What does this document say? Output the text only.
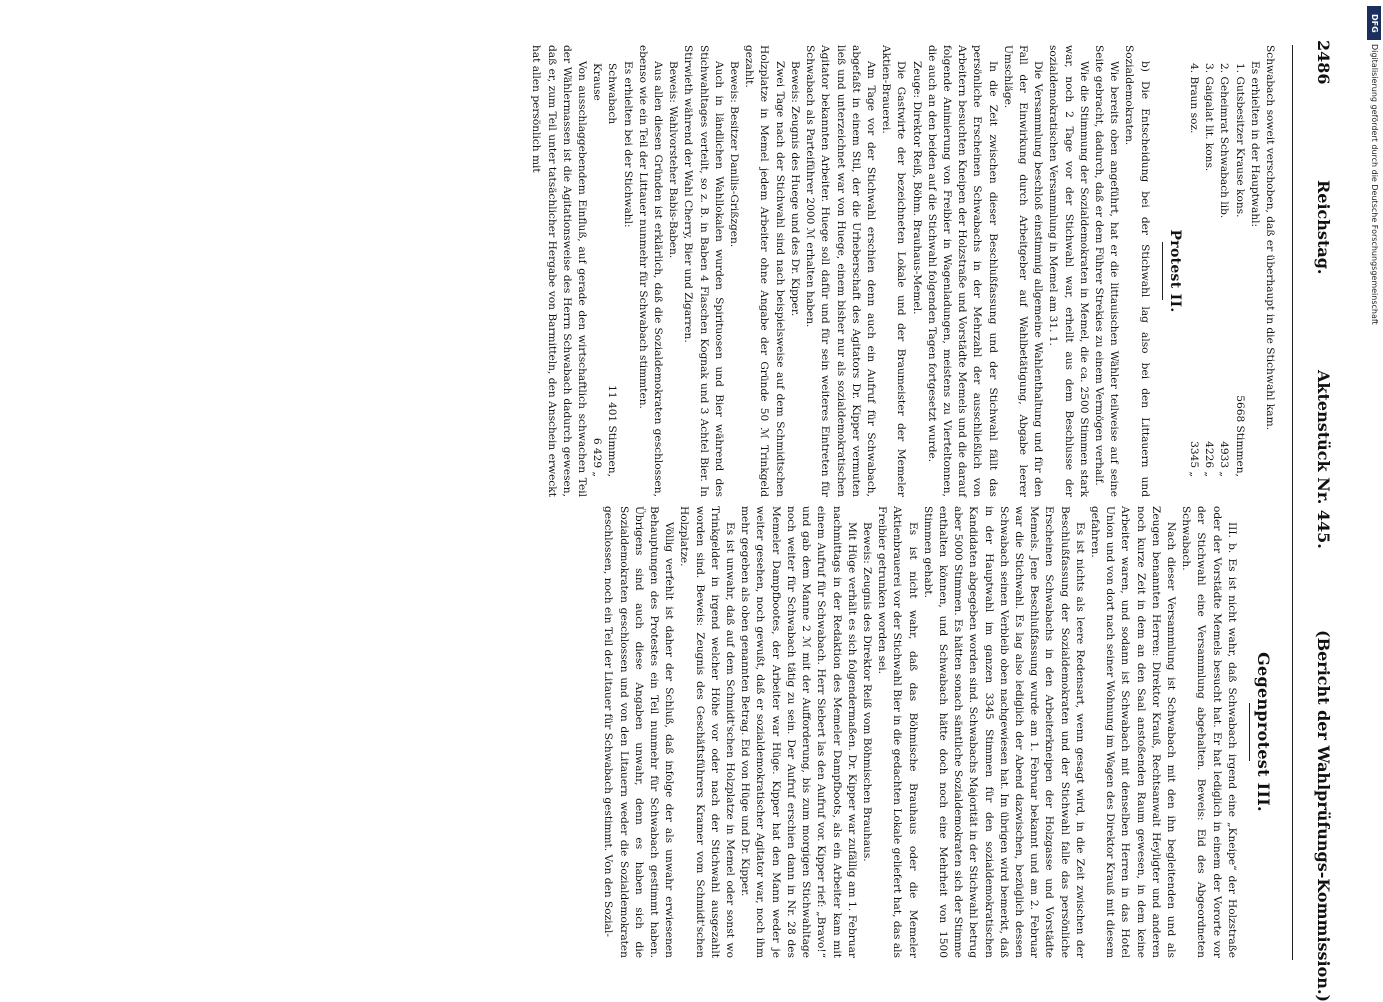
2486
Reichstag.
Aktenstück Nr. 445.
(Bericht der Wahlprüfungs-Kommission.)

Schwabach soweit verschoben, daß er überhaupt in die Stichwahl kam.

Es erhielten in der Hauptwahl:

1. Gutsbesitzer Krause kons.
5668 Stimmen,
2. Geheimrat Schwabach lib.
4933 „
3. Gaigalat lit. kons.
4226 „
4. Braun soz.
3345 „
Protest II.

b) Die Entscheidung bei der Stichwahl lag also bei den Littauern und Sozialdemokraten.

Wie bereits oben angeführt, hat er die littauischen Wähler teilweise auf seine Seite gebracht, dadurch, daß er dem Führer Strekies zu einem Vermögen verhalf.

Wie die Stimmung der Sozialdemokraten in Memel, die ca. 2500 Stimmen stark war, noch 2 Tage vor der Stichwahl war, erhellt aus dem Beschlusse der sozialdemokratischen Versammlung in Memel am 31. 1.

Die Versammlung beschloß einstimmig allgemeine Wahlenthaltung und für den Fall der Einwirkung durch Arbeitgeber auf Wahlbetätigung, Abgabe leerer Umschläge.

In die Zeit zwischen dieser Beschlußfassung und der Stichwahl fällt das persönliche Erscheinen Schwabachs in der Mehrzahl der ausschließlich von Arbeitern besuchten Kneipen der Holzstraße und Vorstädte Memels und die darauf folgende Animierung von Freibier in Wagenladungen, meistens zu Vierteltonnen, die auch an den beiden auf die Stichwahl folgenden Tagen fortgesetzt wurde.

Zeuge: Direktor Reiß, Böhm. Brauhaus-Memel.

Die Gastwirte der bezeichneten Lokale und der Braumeister der Memeler Aktien-Brauerei.

Am Tage vor der Stichwahl erschien denn auch ein Aufruf für Schwabach, abgefaßt in einem Stil, der die Urheberschaft des Agitators Dr. Kipper vermuten ließ und unterzeichnet war von Huege, einem bisher nur als sozialdemokratischen Agitator bekannten Arbeiter. Huege soll dafür und für sein weiteres Eintreten für Schwabach als Parteiführer 2000 ℳ erhalten haben.

Beweis: Zeugnis des Huege und des Dr. Kipper.

Zwei Tage nach der Stichwahl sind nach beispielsweise auf dem Schmidtschen Holzplatze in Memel jedem Arbeiter ohne Angabe der Gründe 50 ℳ Trinkgeld gezahlt.

Beweis: Besitzer Danilis-Grißzgen.

Auch in ländlichen Wahllokalen wurden Spirituosen und Bier während des Stichwahltages verteilt, so z. B. in Baben 4 Flaschen Kognak und 3 Achtel Bier. In Stirwieth während der Wahl Cherry, Bier und Zigarren.

Beweis: Wahlvorsteher Babis-Baben.

Aus allen diesen Gründen ist erklärlich, daß die Sozialdemokraten geschlossen, ebenso wie ein Teil der Littauer nunmehr für Schwabach stimmten.

Es erhielten bei der Stichwahl:

Schwabach
11 401 Stimmen,
Krause
6 429 „

Von ausschlaggebendem Einfluß, auf gerade den wirtschaftlich schwachen Teil der Wählermassen ist die Agitationsweise des Herrn Schwabach dadurch gewesen, daß er, zum Teil unter tatsächlicher Hergabe von Barmitteln, den Anschein erweckt hat allen persönlich mit

Gegenprotest III.

III. b. Es ist nicht wahr, daß Schwabach irgend eine „Kneipe“ der Holzstraße oder der Vorstädte Memels besucht hat. Er hat lediglich in einem der Vororte vor der Stichwahl eine Versammlung abgehalten. Beweis: Eid des Abgeordneten Schwabach.

Nach dieser Versammlung ist Schwabach mit den ihn begleitenden und als Zeugen benannten Herren: Direktor Krauß, Rechtsanwalt Heyligter und anderen noch kurze Zeit in dem an den Saal anstoßenden Raum gewesen, in dem keine Arbeiter waren, und sodann ist Schwabach mit denselben Herren in das Hotel Union und von dort nach seiner Wohnung im Wagen des Direktor Krauß mit diesem gefahren.

Es ist nichts als leere Redensart, wenn gesagt wird, in die Zeit zwischen der Beschlußfassung der Sozialdemokraten und der Stichwahl falle das persönliche Erscheinen Schwabachs in den Arbeiterkneipen der Holzgasse und Vorstädte Memels. Jene Beschlußfassung wurde am 1. Februar bekannt und am 2. Februar war die Stichwahl. Es lag also lediglich der Abend dazwischen, bezüglich dessen Schwabach seinen Verbleib oben nachgewiesen hat. Im übrigen wird bemerkt, daß in der Hauptwahl im ganzen 3345 Stimmen für den sozialdemokratischen Kandidaten abgegeben worden sind. Schwabachs Majorität in der Stichwahl betrug aber 5000 Stimmen. Es hätten sonach sämtliche Sozialdemokraten sich der Stimme enthalten können, und Schwabach hätte doch noch eine Mehrheit von 1500 Stimmen gehabt.

Es ist nicht wahr, daß das Böhmische Brauhaus oder die Memeler Aktienbrauerei vor der Stichwahl Bier in die gedachten Lokale geliefert hat, das als Freibier getrunken worden sei.

Beweis: Zeugnis des Direktor Reiß vom Böhmischen Brauhaus.

Mit Hüge verhält es sich folgendermaßen. Dr. Kipper war zufällig am 1. Februar nachmittags in der Redaktion des Memeler Dampfboots, als ein Arbeiter kam mit einem Aufruf für Schwabach. Herr Siebert las den Aufruf vor. Kipper rief: „Bravo!“ und gab dem Manne 2 ℳ mit der Aufforderung, bis zum morgigen Stichwahltage noch weiter für Schwabach tätig zu sein. Der Aufruf erschien dann in Nr. 28 des Memeler Dampfbootes, der Arbeiter war Hüge. Kipper hat den Mann weder je weiter gesehen, noch gewußt, daß er sozialdemokratischer Agitator war, noch ihm mehr gegeben als oben genannten Betrag. Eid von Hüge und Dr. Kipper.

Es ist unwahr, daß auf dem Schmidt'schen Holzplatze in Memel oder sonst wo Trinkgelder in irgend welcher Höhe vor oder nach der Stichwahl ausgezahlt worden sind. Beweis: Zeugnis des Geschäftsführers Kramer vom Schmidt'schen Holzplatze.

Völlig verfehlt ist daher der Schluß, daß infolge der als unwahr erwiesenen Behauptungen des Protestes ein Teil nunmehr für Schwabach gestimmt haben. Übrigens sind auch diese Angaben unwahr, denn es haben sich die Sozialdemokraten geschlossen und von den Litauern weder die Sozialdemokraten geschlossen, noch ein Teil der Litauer für Schwabach gestimmt. Von den Sozial-

DFG
Digitalisierung gefördert durch die Deutsche Forschungsgemeinschaft
